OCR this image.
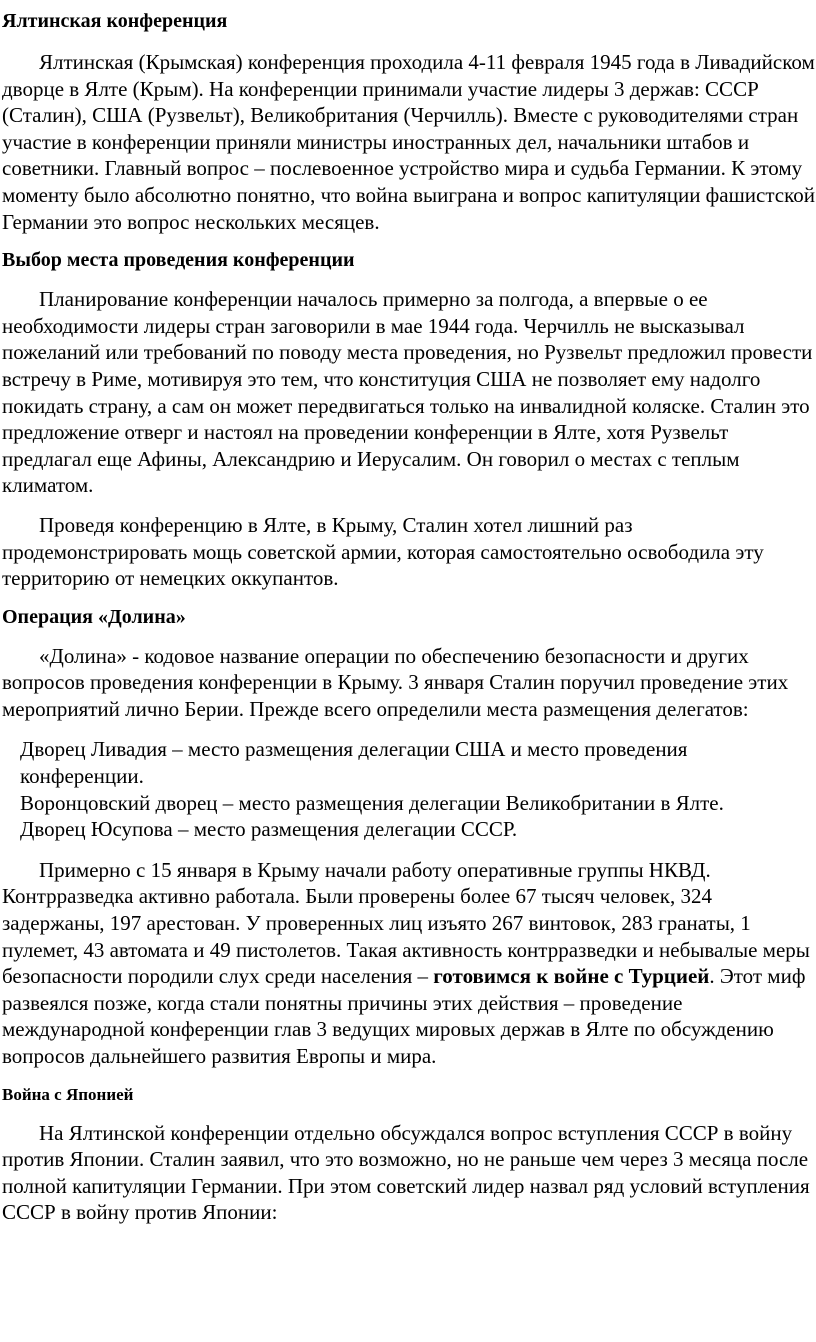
Ялтинская конференция

Ялтинская (Крымская) конференция проходила 4-11 февраля 1945 года в Ливадийском дворце в Ялте (Крым). На конференции принимали участие лидеры 3 держав: СССР (Сталин), США (Рузвельт), Великобритания (Черчилль). Вместе с руководителями стран участие в конференции приняли министры иностранных дел, начальники штабов и советники. Главный вопрос – послевоенное устройство мира и судьба Германии. К этому моменту было абсолютно понятно, что война выиграна и вопрос капитуляции фашистской Германии это вопрос нескольких месяцев.

Выбор места проведения конференции

Планирование конференции началось примерно за полгода, а впервые о ее необходимости лидеры стран заговорили в мае 1944 года. Черчилль не высказывал пожеланий или требований по поводу места проведения, но Рузвельт предложил провести встречу в Риме, мотивируя это тем, что конституция США не позволяет ему надолго покидать страну, а сам он может передвигаться только на инвалидной коляске. Сталин это предложение отверг и настоял на проведении конференции в Ялте, хотя Рузвельт предлагал еще Афины, Александрию и Иерусалим. Он говорил о местах с теплым климатом.

Проведя конференцию в Ялте, в Крыму, Сталин хотел лишний раз продемонстрировать мощь советской армии, которая самостоятельно освободила эту территорию от немецких оккупантов.

Операция «Долина»

«Долина» - кодовое название операции по обеспечению безопасности и других вопросов проведения конференции в Крыму. 3 января Сталин поручил проведение этих мероприятий лично Берии. Прежде всего определили места размещения делегатов:

Дворец Ливадия – место размещения делегации США и место проведения конференции.
Воронцовский дворец – место размещения делегации Великобритании в Ялте.
Дворец Юсупова – место размещения делегации СССР.

Примерно с 15 января в Крыму начали работу оперативные группы НКВД. Контрразведка активно работала. Были проверены более 67 тысяч человек, 324 задержаны, 197 арестован. У проверенных лиц изъято 267 винтовок, 283 гранаты, 1 пулемет, 43 автомата и 49 пистолетов. Такая активность контрразведки и небывалые меры безопасности породили слух среди населения – готовимся к войне с Турцией. Этот миф развеялся позже, когда стали понятны причины этих действия – проведение международной конференции глав 3 ведущих мировых держав в Ялте по обсуждению вопросов дальнейшего развития Европы и мира.

Война с Японией

На Ялтинской конференции отдельно обсуждался вопрос вступления СССР в войну против Японии. Сталин заявил, что это возможно, но не раньше чем через 3 месяца после полной капитуляции Германии. При этом советский лидер назвал ряд условий вступления СССР в войну против Японии:
